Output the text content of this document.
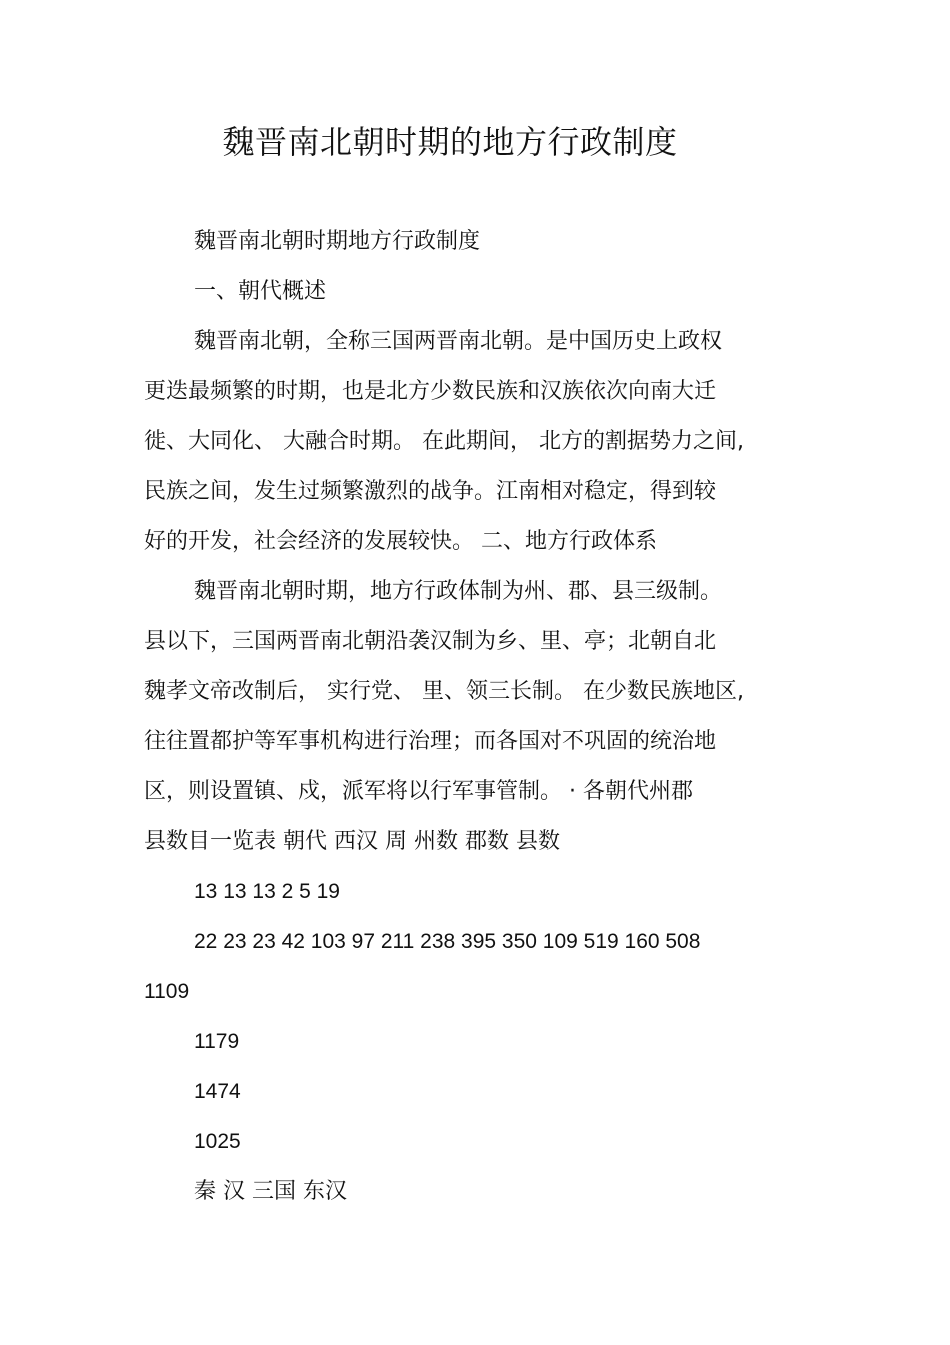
魏晋南北朝时期的地方行政制度
魏晋南北朝时期地方行政制度
一、朝代概述
魏晋南北朝，全称三国两晋南北朝。是中国历史上政权
更迭最频繁的时期，也是北方少数民族和汉族依次向南大迁
徙、大同化、 大融合时期。 在此期间， 北方的割据势力之间,
民族之间，发生过频繁激烈的战争。江南相对稳定，得到较
好的开发，社会经济的发展较快。 二、地方行政体系
魏晋南北朝时期，地方行政体制为州、郡、县三级制。
县以下，三国两晋南北朝沿袭汉制为乡、里、亭；北朝自北
魏孝文帝改制后， 实行党、 里、领三长制。 在少数民族地区,
往往置都护等军事机构进行治理；而各国对不巩固的统治地
区，则设置镇、戍，派军将以行军事管制。 · 各朝代州郡
县数目一览表 朝代 西汉 周 州数 郡数 县数
13 13 13 2 5 19
22 23 23 42 103 97 211 238 395 350 109 519 160 508
1109
1179
1474
1025
秦 汉 三国 东汉
